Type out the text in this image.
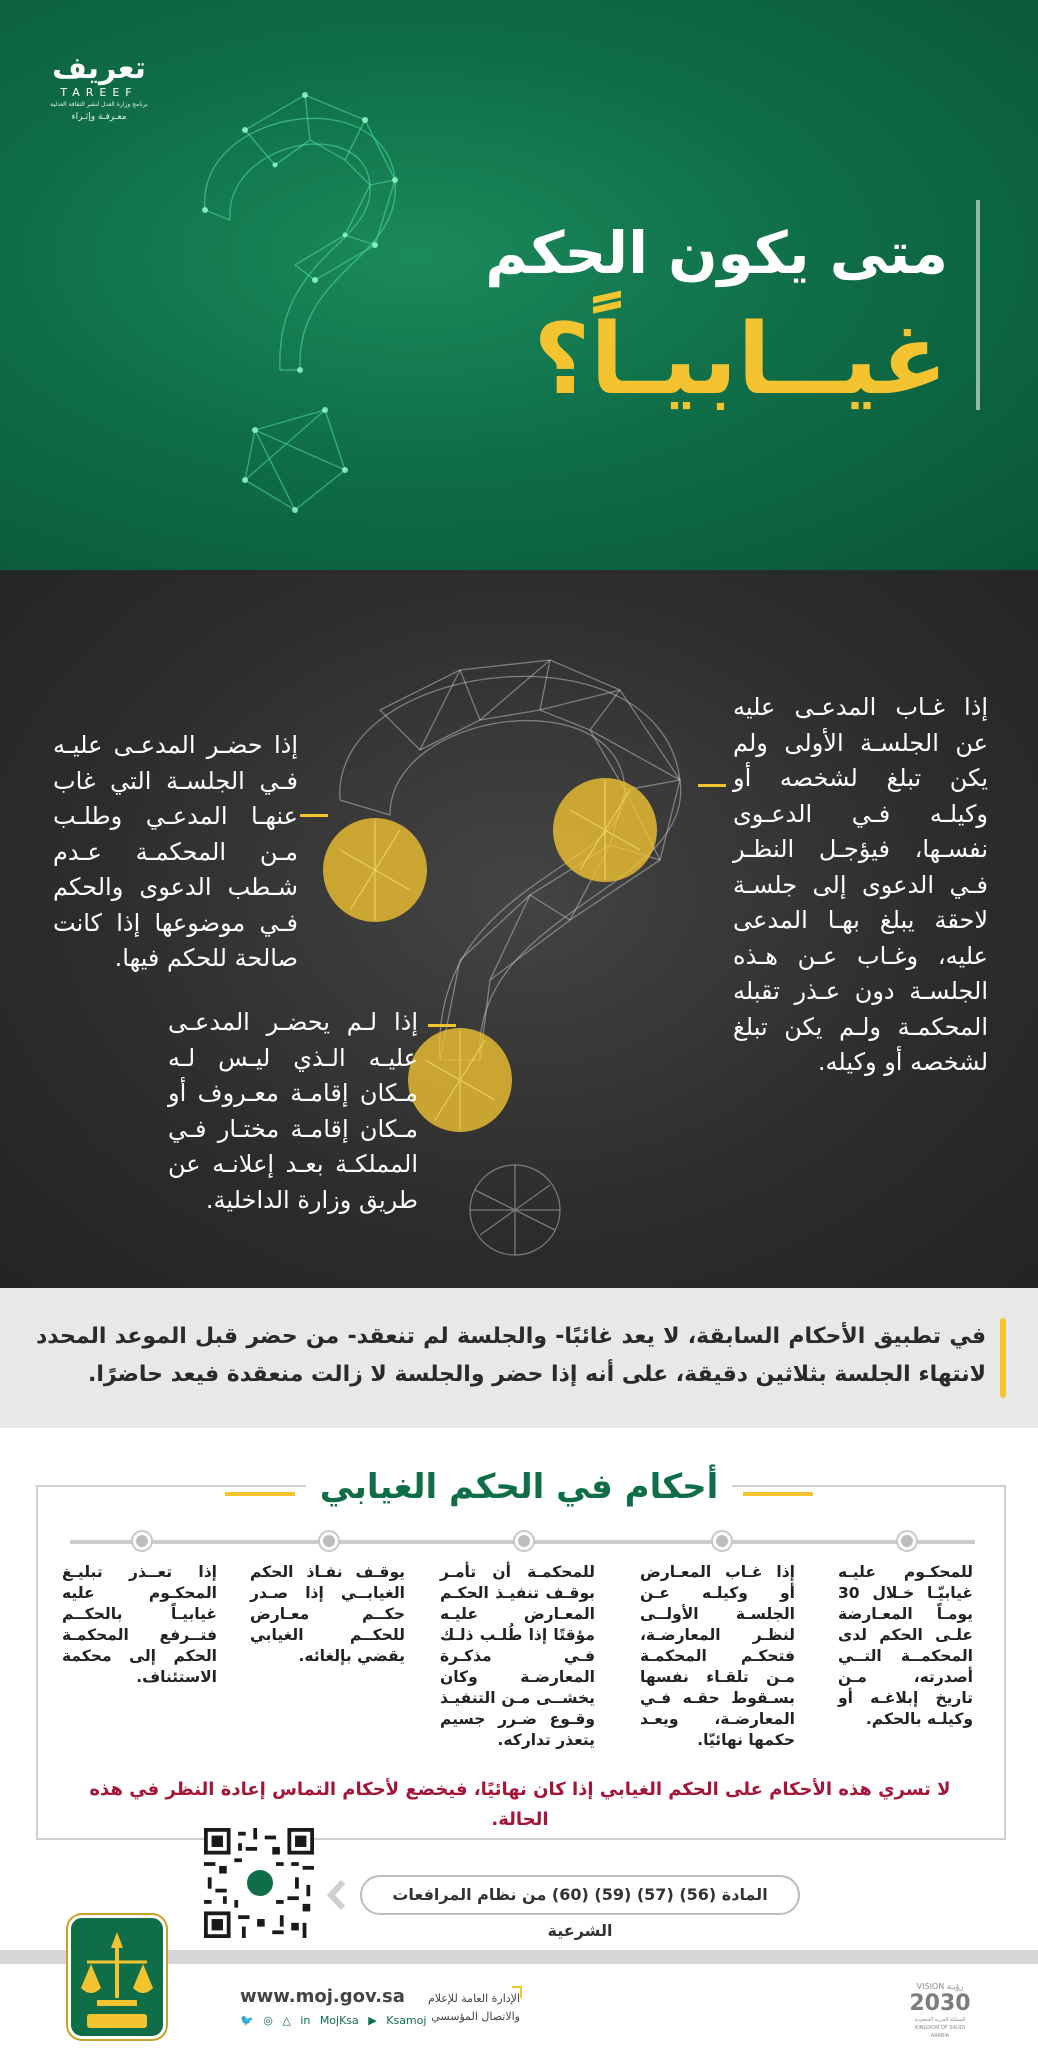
تعريف
TAREEF
برنامج وزارة العدل لنشر الثقافة العدلية
معـرفـة وإثـراء
متى يكون الحكم
غيــابيـاً؟
إذا غـاب المدعـى عليه عن الجلسـة الأولى ولم يكن تبلغ لشخصه أو وكيلـه فـي الدعـوى نفسـها، فيؤجـل النظـر فـي الدعوى إلى جلسـة لاحقة يبلغ بهـا المدعى عليه، وغـاب عـن هـذه الجلسـة دون عـذر تقبله المحكمـة ولـم يكن تبلغ لشخصه أو وكيله.
إذا حضـر المدعـى عليـه فـي الجلسـة التي غاب عنهـا المدعـي وطلـب مـن المحكمـة عـدم شـطب الدعوى والحكم فـي موضوعها إذا كانت صالحة للحكم فيها.
إذا لـم يحضـر المدعـى عليـه الـذي ليـس لـه مـكان إقامـة معـروف أو مـكان إقامـة مختـار فـي المملكـة بعـد إعلانـه عن طريق وزارة الداخلية.
في تطبيق الأحكام السابقة، لا يعد غائبًا- والجلسة لم تنعقد- من حضر قبل الموعد المحدد لانتهاء الجلسة بثلاثين دقيقة، على أنه إذا حضر والجلسة لا زالت منعقدة فيعد حاضرًا.
أحكام في الحكم الغيابي
للمحكـوم عليـه غيابيّـا خـلال 30 يومـاً المعـارضة علـى الحكم لدى المحكمــة التــي أصدرته، مـن تاريخ إبلاغـه أو وكيلـه بالحكم.
إذا غـاب المعـارض أو وكيلـه عـن الجلسـة الأولــى لنظـر المعارضـة، فتحكـم المحكمـة مـن تلقـاء نفسها بسـقوط حقـه فـي المعارضـة، ويعـد حكمها نهائيّا.
للمحكمـة أن تأمـر بوقـف تنفيـذ الحكـم المعـارض عليـه مؤقتًا إذا طُلـب ذلـك فـي مذكـرة المعارضـة وكان يخشــى مـن التنفيـذ وقـوع ضـرر جسيم يتعذر تداركه.
يوقـف نفـاذ الحكم الغيابــي إذا صـدر حكــم معـارض للحكــم الغيابي يقضي بإلغائه.
إذا تعــذر تبليـغ المحكـوم عليه غيابيـاً بالحكــم فتــرفع المحكمـة الحكم إلى محكمة الاستئناف.
لا تسري هذه الأحكام على الحكم الغيابي إذا كان نهائيًا، فيخضع لأحكام التماس إعادة النظر في هذه الحالة.
المادة (56) (57) (59) (60) من نظام المرافعات الشرعية
www.moj.gov.sa
🐦 ◎ △ in MojKsa ▶ Ksamoj
الإدارة العامة للإعلام
والاتصال المؤسسي
VISION رؤيـة
2030
المملكة العربية السعودية KINGDOM OF SAUDI ARABIA
